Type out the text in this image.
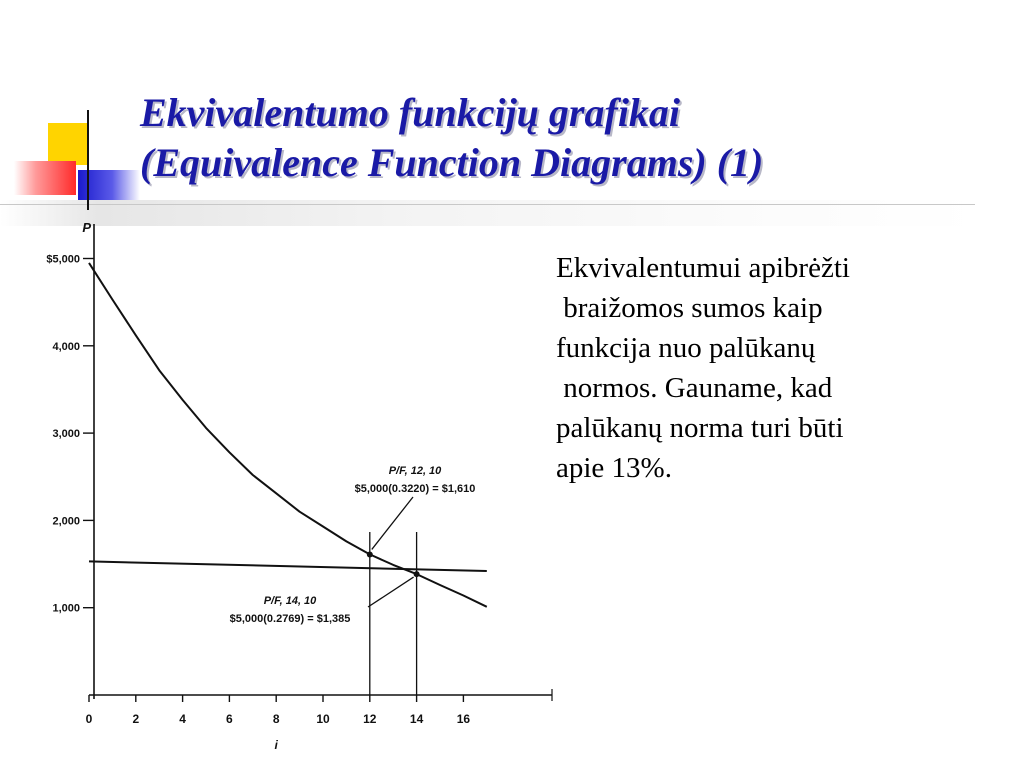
Ekvivalentumo funkcijų grafikai
(Equivalence Function Diagrams) (1)
0	2	4	6	8	10	12	14	16
1,000
2,000
3,000
4,000
$5,000
i
P
P/F, 12, 10
$5,000(0.3220) = $1,610
P/F, 14, 10
$5,000(0.2769) = $1,385
Ekvivalentumui apibrėžti
braižomos sumos kaip
funkcija nuo palūkanų
normos. Gauname, kad
palūkanų norma turi būti
apie 13%.
